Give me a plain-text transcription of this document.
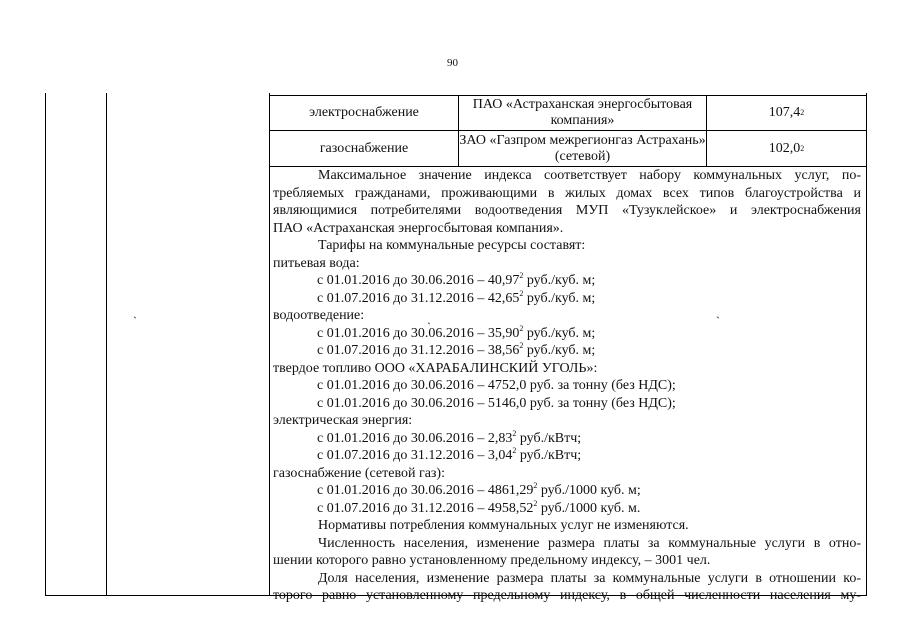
90
электроснабжение
ПАО «Астраханская энергосбытовая компания»
107,4 2
газоснабжение
ЗАО «Газпром межрегионгаз Астрахань» (сетевой)
102,0 2
Максимальное значение индекса соответствует набору коммунальных услуг, по-
требляемых гражданами, проживающими в жилых домах всех типов благоустройства и
являющимися потребителями водоотведения МУП «Тузуклейское» и электроснабжения
ПАО «Астраханская энергосбытовая компания».
Тарифы на коммунальные ресурсы составят:
питьевая вода:
с 01.01.2016 до 30.06.2016 – 40,97$^2$ руб./куб. м;
с 01.07.2016 до 31.12.2016 – 42,65$^2$ руб./куб. м;
водоотведение:
с 01.01.2016 до 30.06.2016 – 35,90$^2$ руб./куб. м;
с 01.07.2016 до 31.12.2016 – 38,56$^2$ руб./куб. м;
твердое топливо ООО «ХАРАБАЛИНСКИЙ УГОЛЬ»:
с 01.01.2016 до 30.06.2016 – 4752,0 руб. за тонну (без НДС);
с 01.01.2016 до 30.06.2016 – 5146,0 руб. за тонну (без НДС);
электрическая энергия:
с 01.01.2016 до 30.06.2016 – 2,83$^2$ руб./кВтч;
с 01.07.2016 до 31.12.2016 – 3,04$^2$ руб./кВтч;
газоснабжение (сетевой газ):
с 01.01.2016 до 30.06.2016 – 4861,29$^2$ руб./1000 куб. м;
с 01.07.2016 до 31.12.2016 – 4958,52$^2$ руб./1000 куб. м.
Нормативы потребления коммунальных услуг не изменяются.
Численность населения, изменение размера платы за коммунальные услуги в отно-
шении которого равно установленному предельному индексу, – 3001 чел.
Доля населения, изменение размера платы за коммунальные услуги в отношении ко-
торого равно установленному предельному индексу, в общей численности населения му-
ˏ	ˏ	ˏ
